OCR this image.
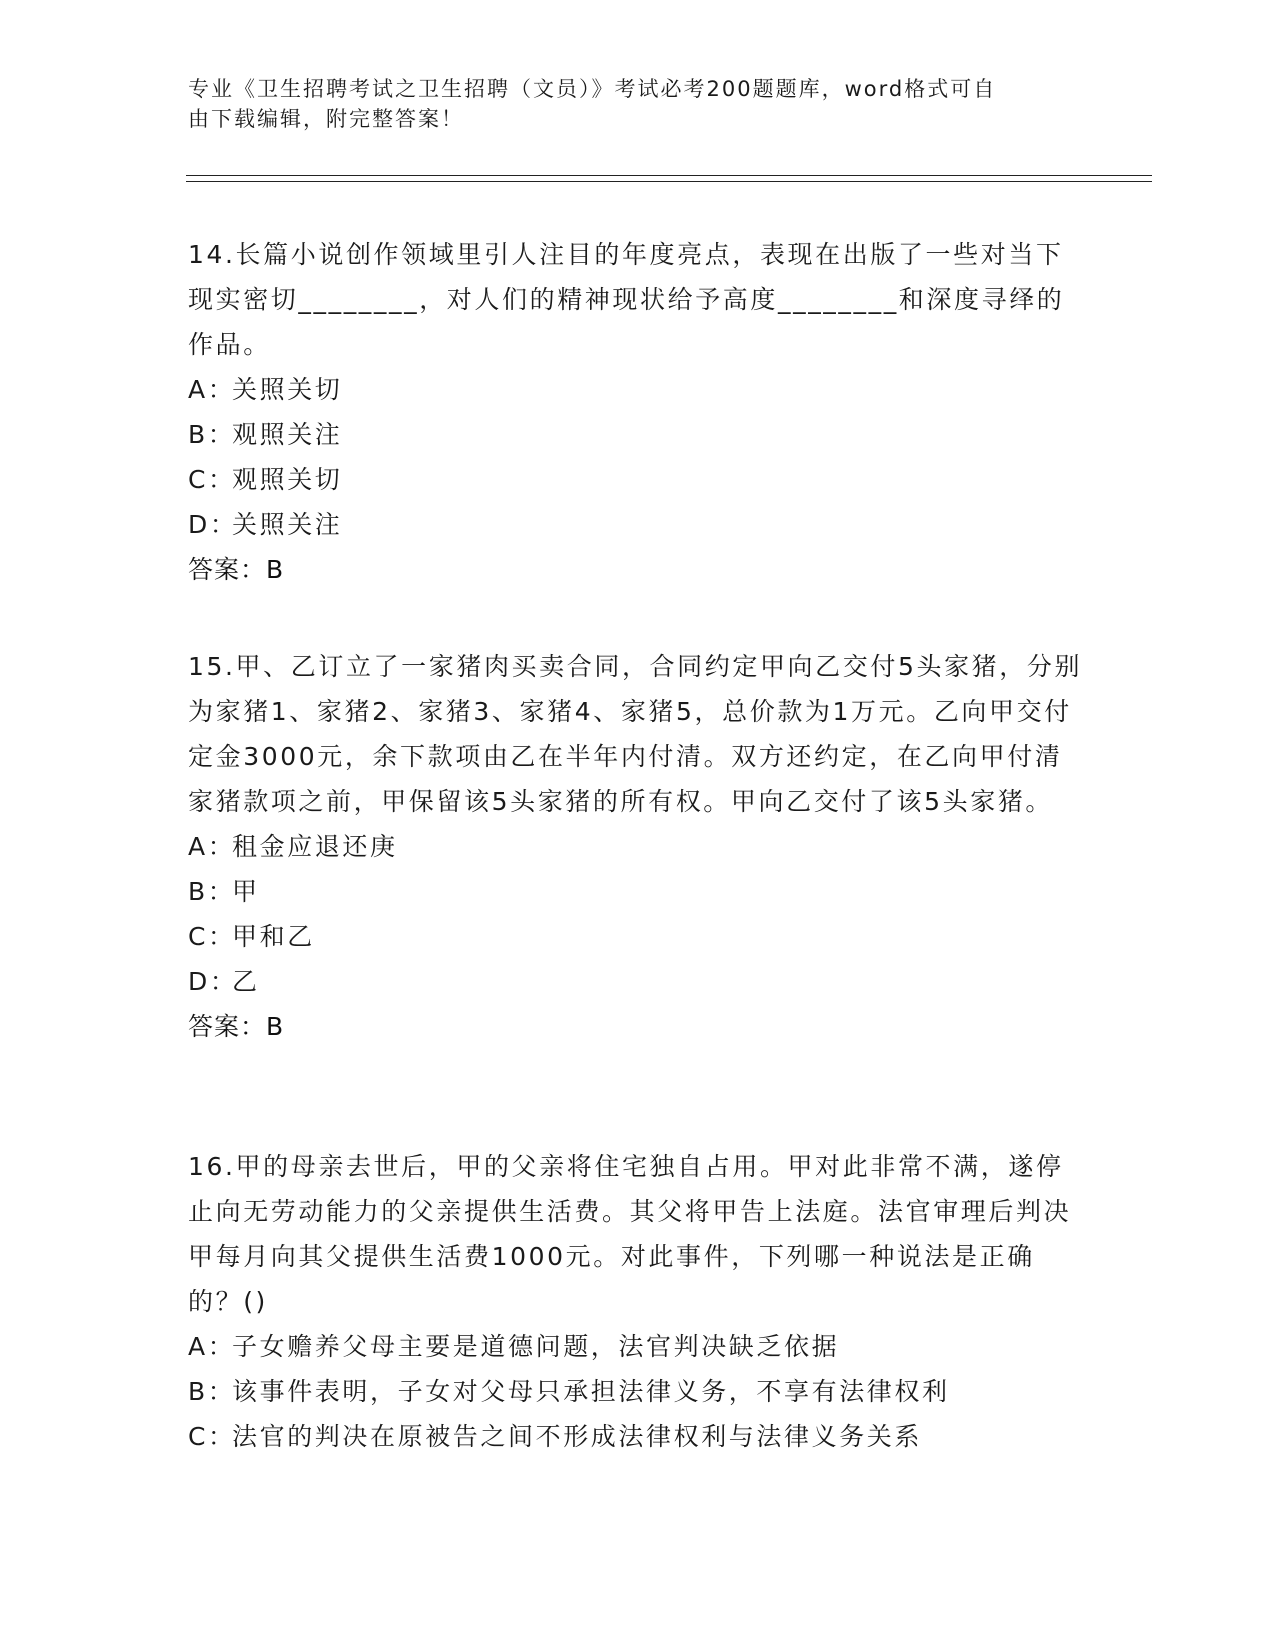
专业《卫生招聘考试之卫生招聘（文员）》考试必考200题题库，word格式可自
由下载编辑，附完整答案！

14.长篇小说创作领域里引人注目的年度亮点，表现在出版了一些对当下现实密切________，对人们的精神现状给予高度________和深度寻绎的作品。

A：关照关切

B：观照关注

C：观照关切

D：关照关注

答案：B

15.甲、乙订立了一家猪肉买卖合同，合同约定甲向乙交付5头家猪，分别为家猪1、家猪2、家猪3、家猪4、家猪5，总价款为1万元。乙向甲交付定金3000元，余下款项由乙在半年内付清。双方还约定，在乙向甲付清家猪款项之前，甲保留该5头家猪的所有权。甲向乙交付了该5头家猪。

A：租金应退还庚

B：甲

C：甲和乙

D：乙

答案：B

16.甲的母亲去世后，甲的父亲将住宅独自占用。甲对此非常不满，遂停止向无劳动能力的父亲提供生活费。其父将甲告上法庭。法官审理后判决甲每月向其父提供生活费1000元。对此事件，下列哪一种说法是正确的？()

A：子女赡养父母主要是道德问题，法官判决缺乏依据

B：该事件表明，子女对父母只承担法律义务，不享有法律权利

C：法官的判决在原被告之间不形成法律权利与法律义务关系
